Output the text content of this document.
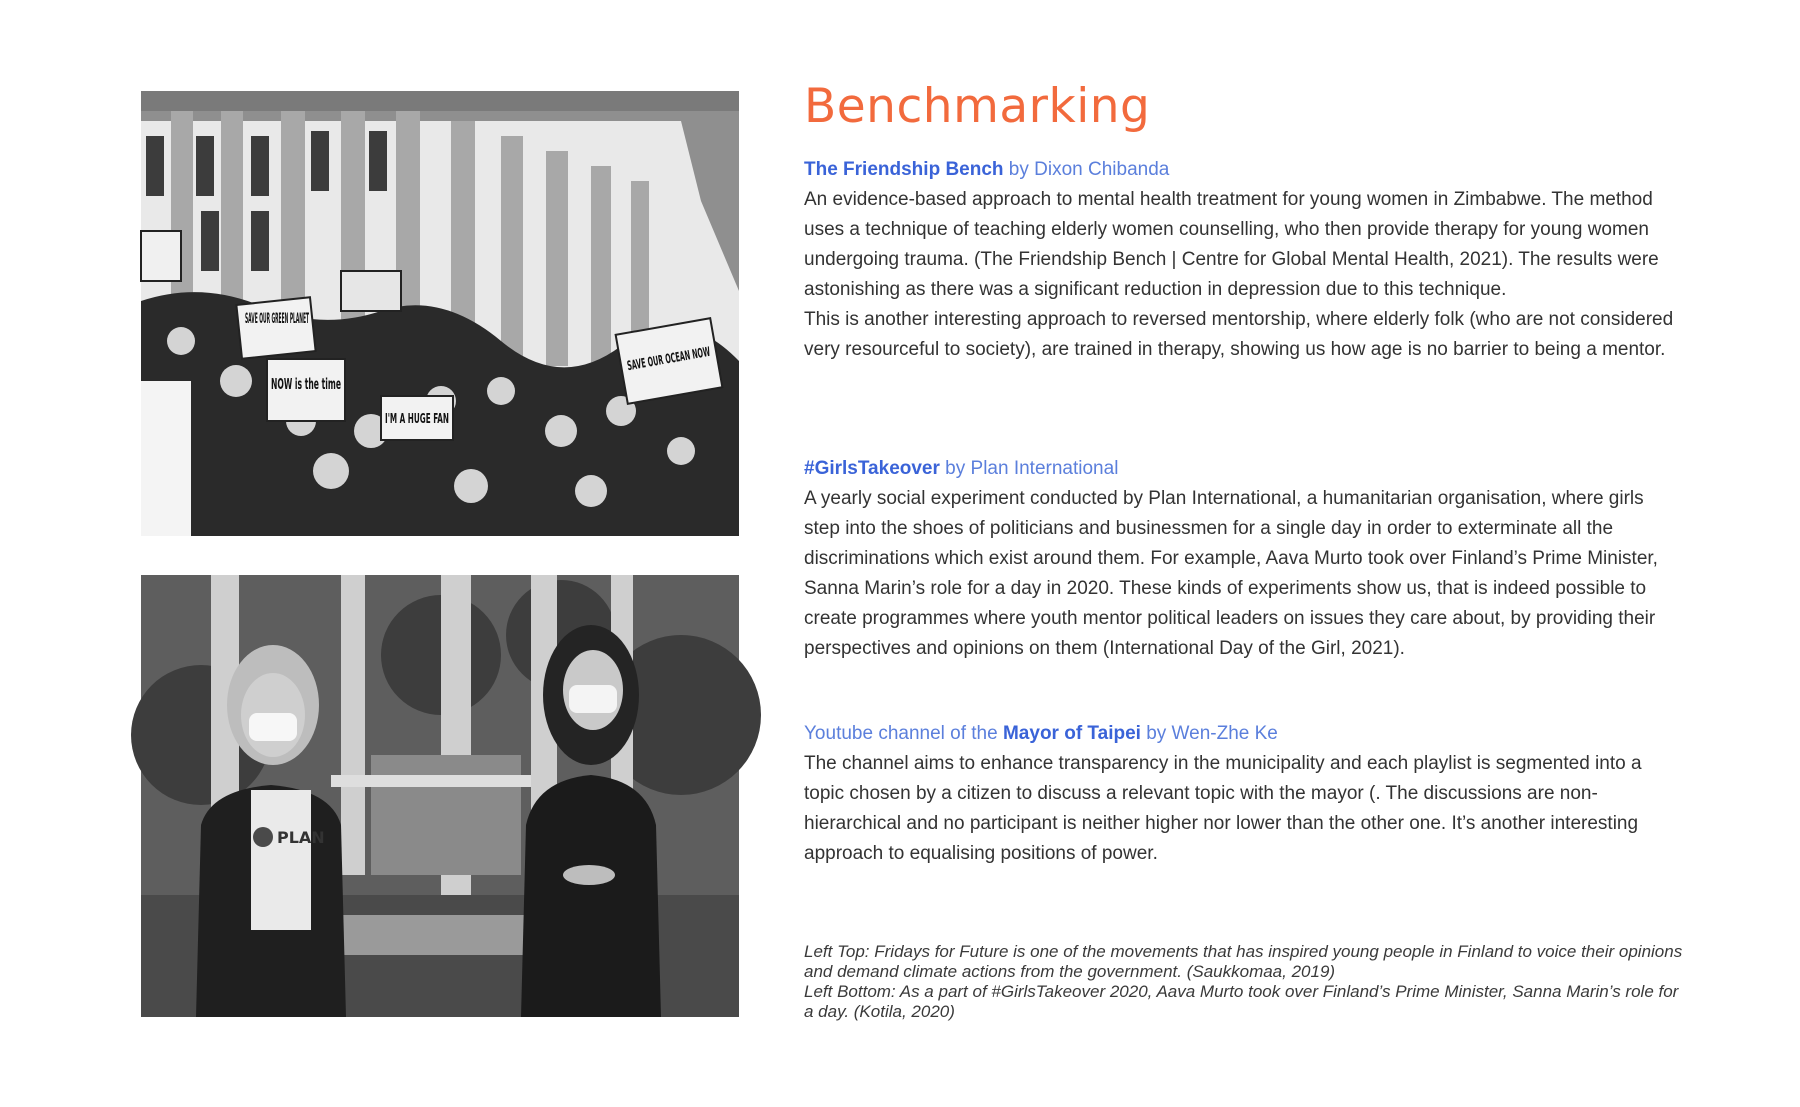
SAVE OUR GREEN PLANET
NOW is the time
I'M A HUGE FAN
PLAN
Benchmarking
The Friendship Bench by Dixon Chibanda

An evidence-based approach to mental health treatment for young women in Zimbabwe. The method uses a technique of teaching elderly women counselling, who then provide therapy for young women undergoing trauma. (The Friendship Bench | Centre for Global Mental Health, 2021). The results were astonishing as there was a significant reduction in depression due to this technique.

This is another interesting approach to reversed mentorship, where elderly folk (who are not considered very resourceful to society), are trained in therapy, showing us how age is no barrier to being a mentor.

#GirlsTakeover by Plan International

A yearly social experiment conducted by Plan International, a humanitarian organisation, where girls step into the shoes of politicians and businessmen for a single day in order to exterminate all the discriminations which exist around them. For example, Aava Murto took over Finland’s Prime Minister, Sanna Marin’s role for a day in 2020. These kinds of experiments show us, that is indeed possible to create programmes where youth mentor political leaders on issues they care about, by providing their perspectives and opinions on them (International Day of the Girl, 2021).

Youtube channel of the Mayor of Taipei by Wen-Zhe Ke

The channel aims to enhance transparency in the municipality and each playlist is segmented into a topic chosen by a citizen to discuss a relevant topic with the mayor (. The discussions are non-hierarchical and no participant is neither higher nor lower than the other one. It’s another interesting approach to equalising positions of power.

Left Top: Fridays for Future is one of the movements that has inspired young people in Finland to voice their opinions and demand climate actions from the government. (Saukkomaa, 2019)

Left Bottom: As a part of #GirlsTakeover 2020, Aava Murto took over Finland’s Prime Minister, Sanna Marin’s role for a day. (Kotila, 2020)
